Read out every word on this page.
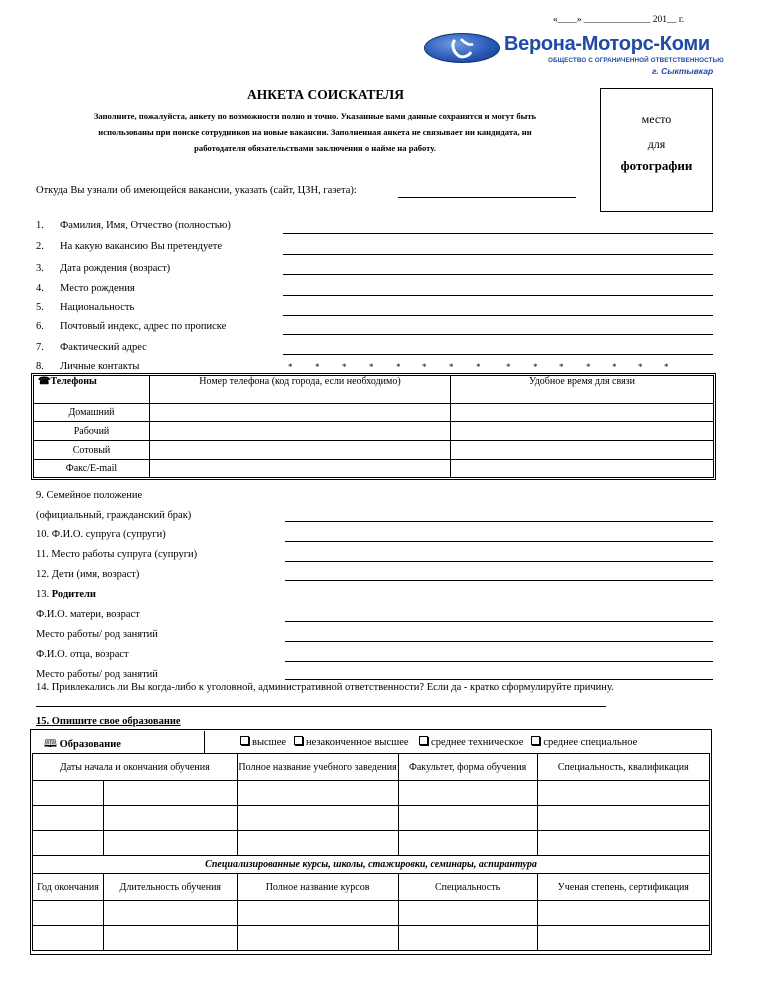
«____» ______________ 201__ г.
Верона-Моторс-Коми
ОБЩЕСТВО С ОГРАНИЧЕННОЙ ОТВЕТСТВЕННОСТЬЮ
г. Сыктывкар
АНКЕТА СОИСКАТЕЛЯ
Заполните, пожалуйста, анкету по возможности полно и точно. Указанные вами данные сохранятся и могут быть
использованы при поиске сотрудников на новые вакансии. Заполненная анкета не связывает ни кандидата, ни
работодателя обязательствами заключения о найме на работу.
место
для
фотографии
Откуда Вы узнали об имеющейся вакансии, указать (сайт, ЦЗН, газета):
1. Фамилия, Имя, Отчество (полностью)
2. На какую вакансию Вы претендуете
3. Дата рождения (возраст)
4. Место рождения
5. Национальность
6. Почтовый индекс, адрес по прописке
7. Фактический адрес
8. Личные контакты	*	*	*	*	* *	*	*	*	* *	* * * *
☎Телефоны	Номер телефона (код города, если необходимо)	Удобное время для связи
Домашний		
Рабочий		
Сотовый		
Факс/E-mail		
9. Семейное положение
(официальный, гражданский брак)
10. Ф.И.О. супруга (супруги)
11. Место работы супруга (супруги)
12. Дети (имя, возраст)
13. Родители
Ф.И.О. матери, возраст
Место работы/ род занятий
Ф.И.О. отца, возраст
Место работы/ род занятий
14. Привлекались ли Вы когда-либо к уголовной, административной ответственности? Если да - кратко сформулируйте причину.
15. Опишите свое образование
🕮 Образование	высшее незаконченное высшее среднее техническое среднее специальное
Даты начала и окончания обучения		Полное название учебного заведения	Факультет, форма обучения	Специальность, квалификация

Специализированные курсы, школы, стажировки, семинары, аспирантура				
Год окончания	Длительность обучения	Полное название курсов	Специальность	Ученая степень, сертификация
